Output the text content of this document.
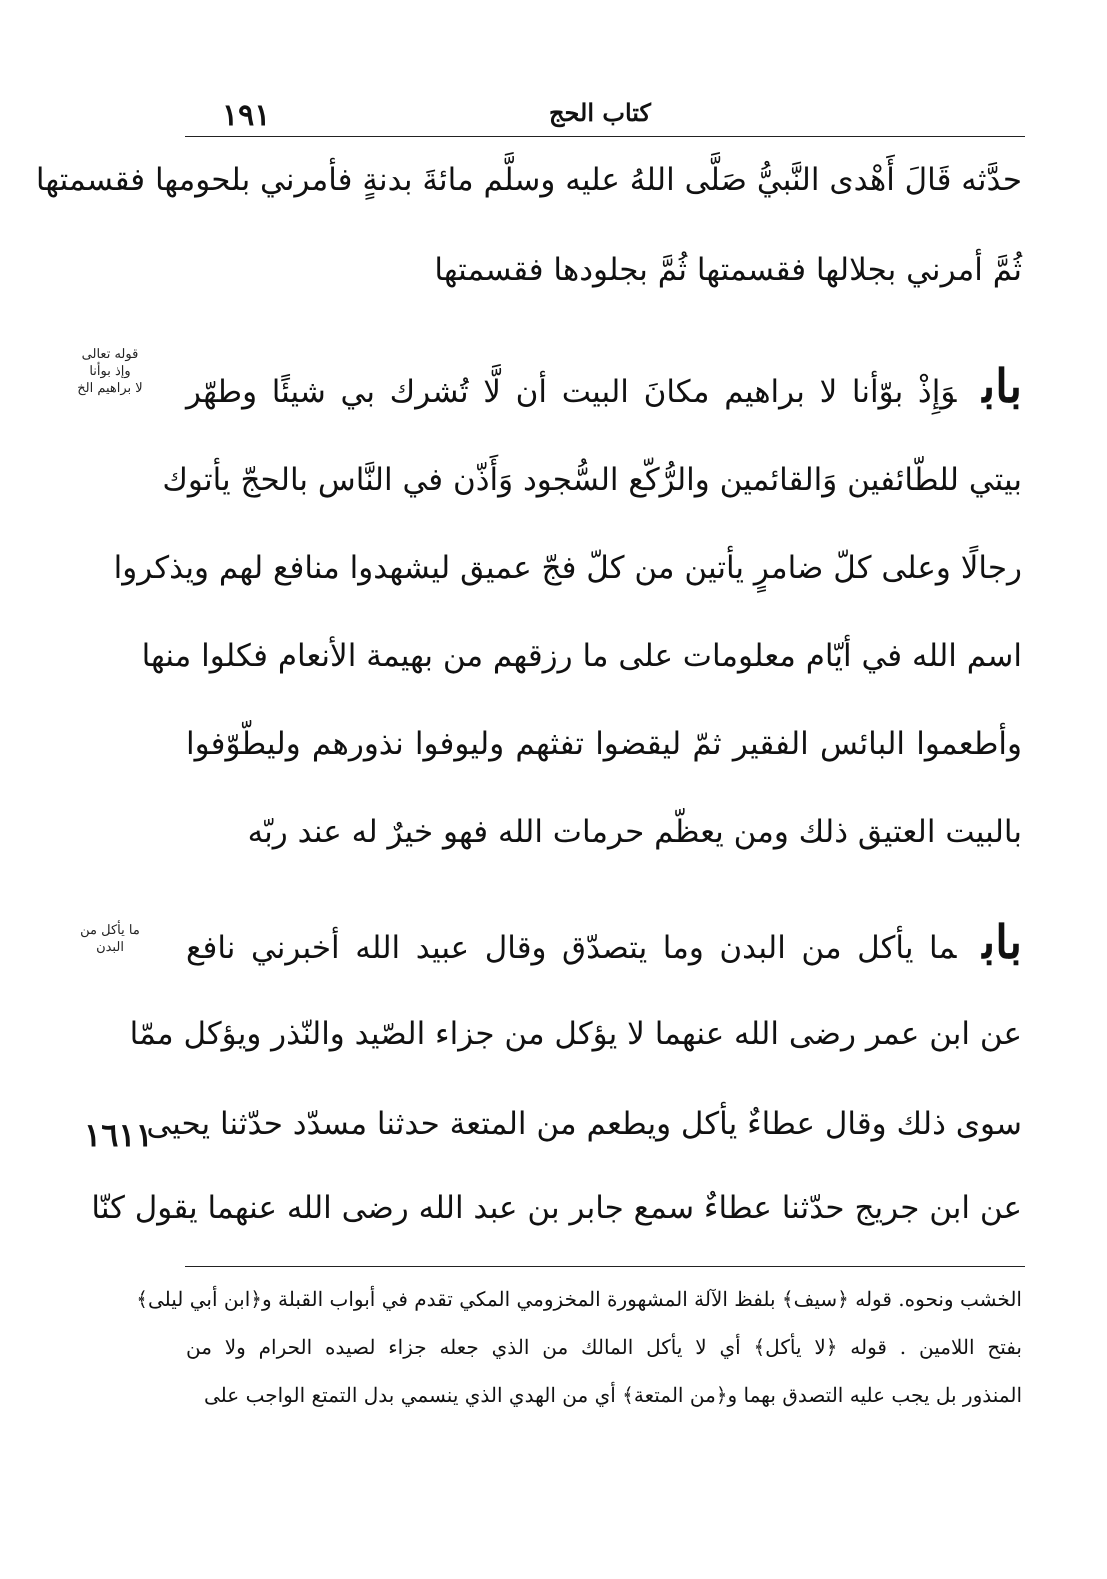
١٩١	كتاب الحج
حدَّثه قَالَ أَهْدى النَّبيُّ صَلَّى اللهُ عليه وسلَّم مائةَ بدنةٍ فأمرني بلحومها فقسمتها
ثُمَّ أمرني بجلالها فقسمتها ثُمَّ بجلودها فقسمتها
قوله تعالى
وإذ بوأنا
لا براهيم الخ	بابوَإِذْ بوّأنا لا براهيم مكانَ البيت أن لَّا تُشرك بي شيئًا وطهّر
بيتي للطّائفين وَالقائمين والرُّكّع السُّجود وَأَذّن في النَّاس بالحجّ يأتوك
رجالًا وعلى كلّ ضامرٍ يأتين من كلّ فجّ عميق ليشهدوا منافع لهم ويذكروا
اسم الله في أيّام معلومات على ما رزقهم من بهيمة الأنعام فكلوا منها
وأطعموا البائس الفقير ثمّ ليقضوا تفثهم وليوفوا نذورهم وليطّوّفوا
بالبيت العتيق ذلك ومن يعظّم حرمات الله فهو خيرٌ له عند ربّه
ما يأكل من
البدن	بابما يأكل من البدن وما يتصدّق وقال عبيد الله أخبرني نافع
عن ابن عمر رضى الله عنهما لا يؤكل من جزاء الصّيد والنّذر ويؤكل ممّا
سوى ذلك وقال عطاءٌ يأكل ويطعم من المتعة حدثنا مسدّد حدّثنا يحيى
عن ابن جريج حدّثنا عطاءٌ سمع جابر بن عبد الله رضى الله عنهما يقول كنّا
١٦١١
الخشب ونحوه. قوله ﴿سيف﴾ بلفظ الآلة المشهورة المخزومي المكي تقدم في أبواب القبلة و﴿ابن أبي ليلى﴾
بفتح اللامين . قوله ﴿لا يأكل﴾ أي لا يأكل المالك من الذي جعله جزاء لصيده الحرام ولا من
المنذور بل يجب عليه التصدق بهما و﴿من المتعة﴾ أي من الهدي الذي ينسمي بدل التمتع الواجب على
